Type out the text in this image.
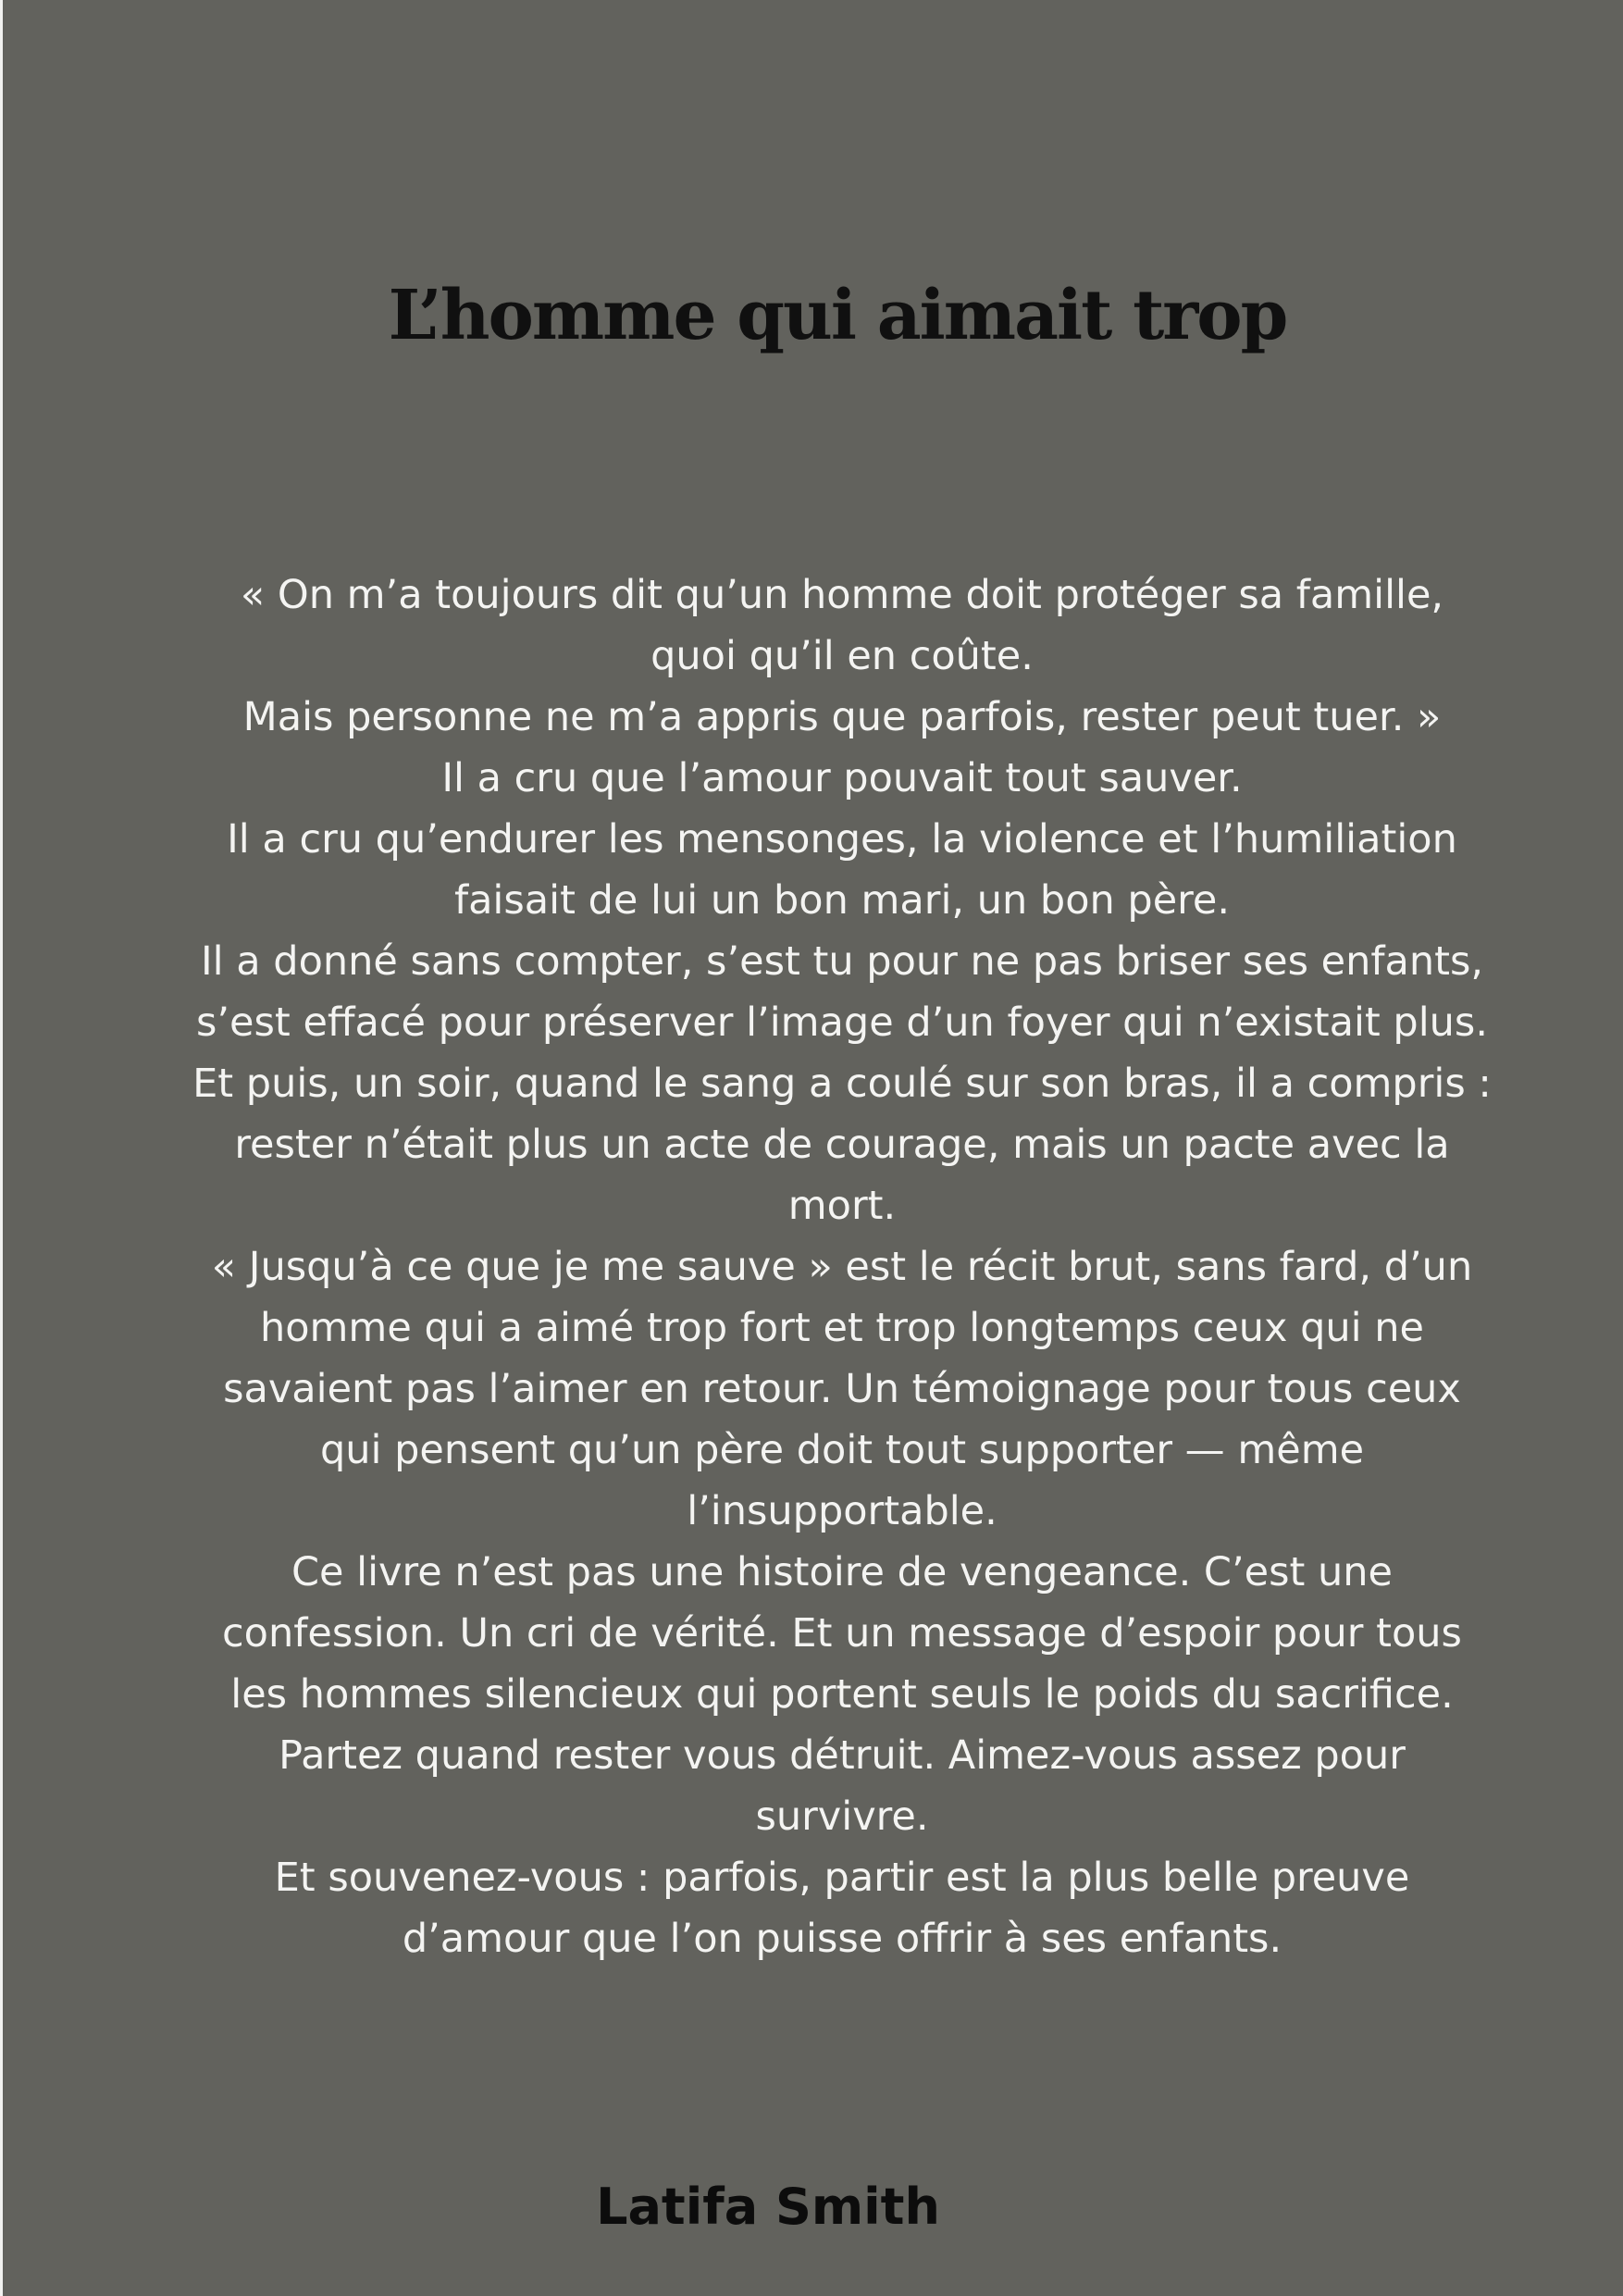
L’homme qui aimait trop
« On m’a toujours dit qu’un homme doit protéger sa famille,
quoi qu’il en coûte.
Mais personne ne m’a appris que parfois, rester peut tuer. »
Il a cru que l’amour pouvait tout sauver.
Il a cru qu’endurer les mensonges, la violence et l’humiliation
faisait de lui un bon mari, un bon père.
Il a donné sans compter, s’est tu pour ne pas briser ses enfants,
s’est effacé pour préserver l’image d’un foyer qui n’existait plus.
Et puis, un soir, quand le sang a coulé sur son bras, il a compris :
rester n’était plus un acte de courage, mais un pacte avec la
mort.
« Jusqu’à ce que je me sauve » est le récit brut, sans fard, d’un
homme qui a aimé trop fort et trop longtemps ceux qui ne
savaient pas l’aimer en retour. Un témoignage pour tous ceux
qui pensent qu’un père doit tout supporter — même
l’insupportable.
Ce livre n’est pas une histoire de vengeance. C’est une
confession. Un cri de vérité. Et un message d’espoir pour tous
les hommes silencieux qui portent seuls le poids du sacrifice.
Partez quand rester vous détruit. Aimez-vous assez pour
survivre.
Et souvenez-vous : parfois, partir est la plus belle preuve
d’amour que l’on puisse offrir à ses enfants.

Latifa Smith
